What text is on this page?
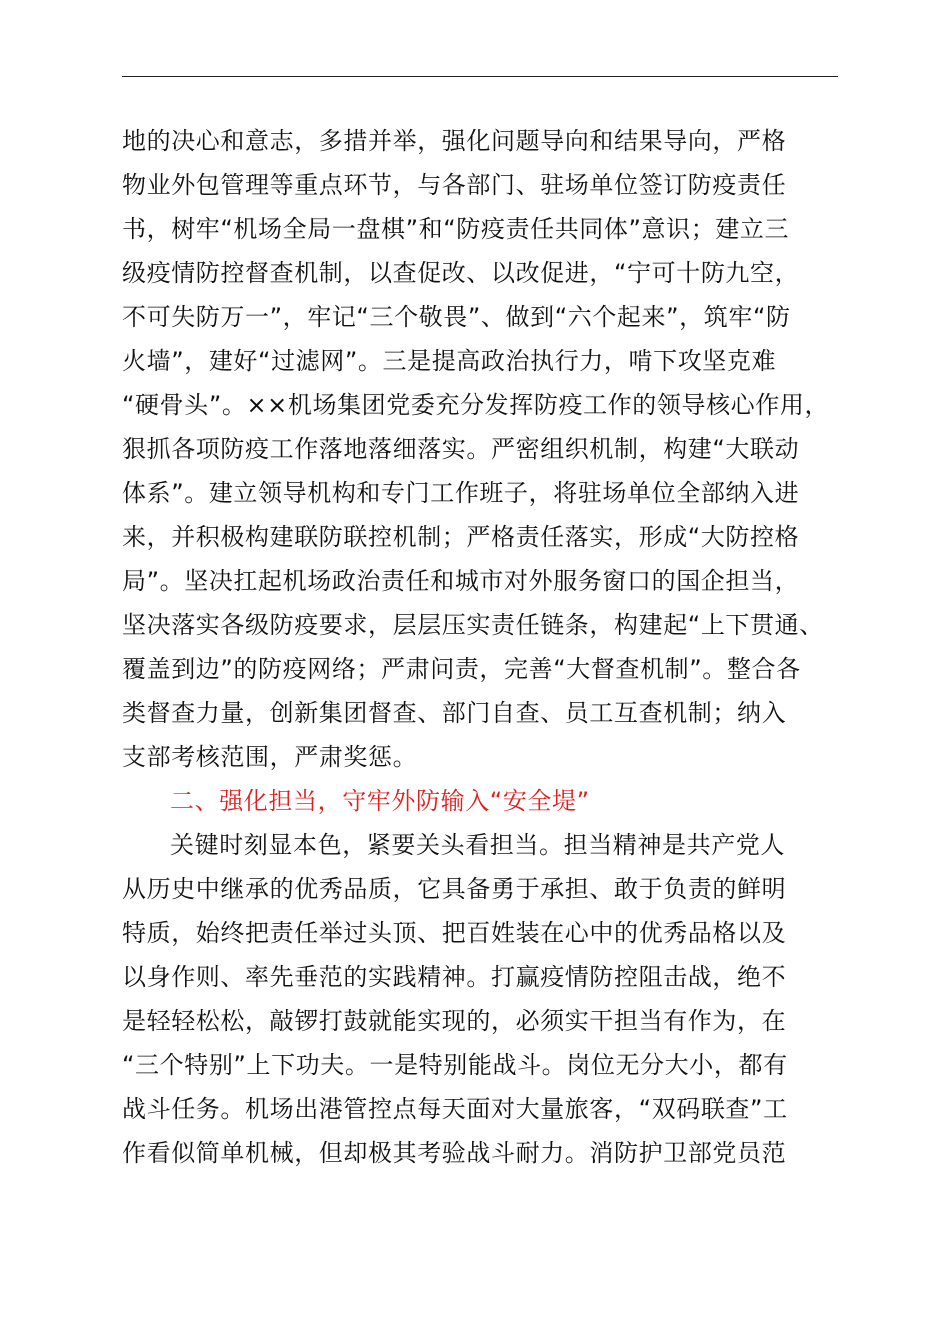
地的决心和意志，多措并举，强化问题导向和结果导向，严格
物业外包管理等重点环节，与各部门、驻场单位签订防疫责任
书，树牢“机场全局一盘棋”和“防疫责任共同体”意识；建立三
级疫情防控督查机制，以查促改、以改促进，“宁可十防九空，
不可失防万一”，牢记“三个敬畏”、做到“六个起来”，筑牢“防
火墙”，建好“过滤网”。三是提高政治执行力，啃下攻坚克难
“硬骨头”。××机场集团党委充分发挥防疫工作的领导核心作用，
狠抓各项防疫工作落地落细落实。严密组织机制，构建“大联动
体系”。建立领导机构和专门工作班子，将驻场单位全部纳入进
来，并积极构建联防联控机制；严格责任落实，形成“大防控格
局”。坚决扛起机场政治责任和城市对外服务窗口的国企担当，
坚决落实各级防疫要求，层层压实责任链条，构建起“上下贯通、
覆盖到边”的防疫网络；严肃问责，完善“大督查机制”。整合各
类督查力量，创新集团督查、部门自查、员工互查机制；纳入
支部考核范围，严肃奖惩。
二、强化担当，守牢外防输入“安全堤”
关键时刻显本色，紧要关头看担当。担当精神是共产党人
从历史中继承的优秀品质，它具备勇于承担、敢于负责的鲜明
特质，始终把责任举过头顶、把百姓装在心中的优秀品格以及
以身作则、率先垂范的实践精神。打赢疫情防控阻击战，绝不
是轻轻松松，敲锣打鼓就能实现的，必须实干担当有作为，在
“三个特别”上下功夫。一是特别能战斗。岗位无分大小，都有
战斗任务。机场出港管控点每天面对大量旅客，“双码联查”工
作看似简单机械，但却极其考验战斗耐力。消防护卫部党员范
